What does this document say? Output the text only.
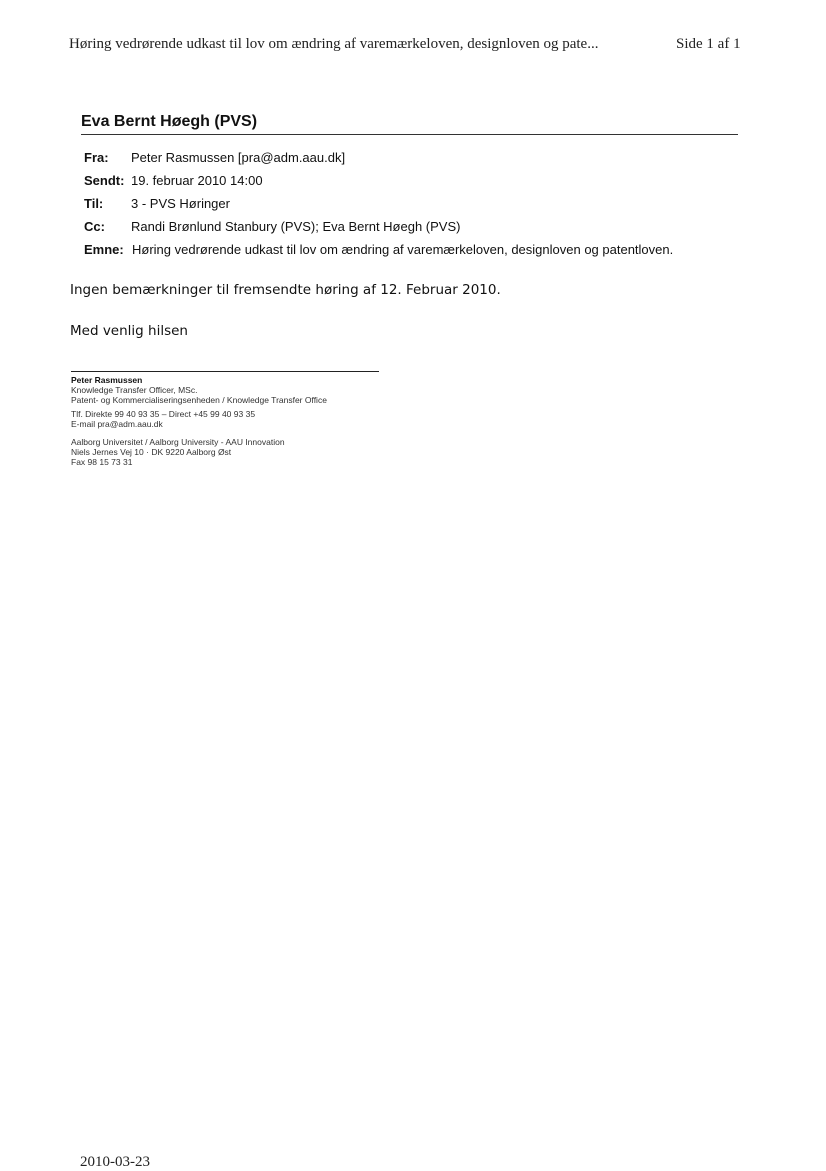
Høring vedrørende udkast til lov om ændring af varemærkeloven, designloven og pate...	Side 1 af 1
Eva Bernt Høegh (PVS)
Fra: Peter Rasmussen [pra@adm.aau.dk]
Sendt: 19. februar 2010 14:00
Til: 3 - PVS Høringer
Cc: Randi Brønlund Stanbury (PVS); Eva Bernt Høegh (PVS)
Emne: Høring vedrørende udkast til lov om ændring af varemærkeloven, designloven og patentloven.
Ingen bemærkninger til fremsendte høring af 12. Februar 2010.
Med venlig hilsen
Peter Rasmussen
Knowledge Transfer Officer, MSc.
Patent- og Kommercialiseringsenheden / Knowledge Transfer Office
Tlf. Direkte 99 40 93 35 – Direct +45 99 40 93 35
E-mail pra@adm.aau.dk
Aalborg Universitet / Aalborg University - AAU Innovation
Niels Jernes Vej 10 · DK 9220 Aalborg Øst
Fax 98 15 73 31
2010-03-23
